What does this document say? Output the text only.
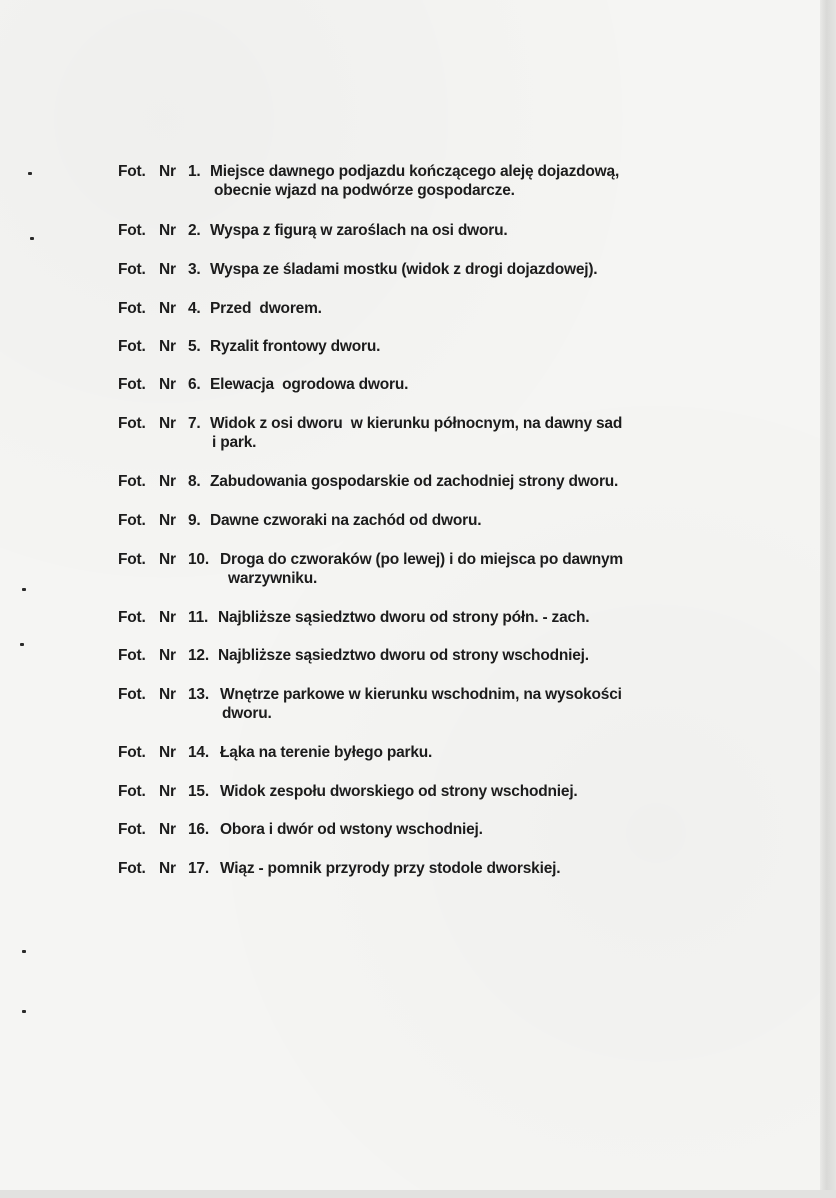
Fot. Nr 1. Miejsce dawnego podjazdu kończącego aleję dojazdową,
obecnie wjazd na podwórze gospodarcze.
Fot. Nr 2. Wyspa z figurą w zaroślach na osi dworu.
Fot. Nr 3. Wyspa ze śladami mostku (widok z drogi dojazdowej).
Fot. Nr 4. Przed  dworem.
Fot. Nr 5. Ryzalit frontowy dworu.
Fot. Nr 6. Elewacja  ogrodowa dworu.
Fot. Nr 7. Widok z osi dworu  w kierunku północnym, na dawny sad
i park.
Fot. Nr 8. Zabudowania gospodarskie od zachodniej strony dworu.
Fot. Nr 9. Dawne czworaki na zachód od dworu.
Fot. Nr 10. Droga do czworaków (po lewej) i do miejsca po dawnym
warzywniku.
Fot. Nr 11. Najbliższe sąsiedztwo dworu od strony półn. - zach.
Fot. Nr 12. Najbliższe sąsiedztwo dworu od strony wschodniej.
Fot. Nr 13. Wnętrze parkowe w kierunku wschodnim, na wysokości
dworu.
Fot. Nr 14. Łąka na terenie byłego parku.
Fot. Nr 15. Widok zespołu dworskiego od strony wschodniej.
Fot. Nr 16. Obora i dwór od wstony wschodniej.
Fot. Nr 17. Wiąz - pomnik przyrody przy stodole dworskiej.
